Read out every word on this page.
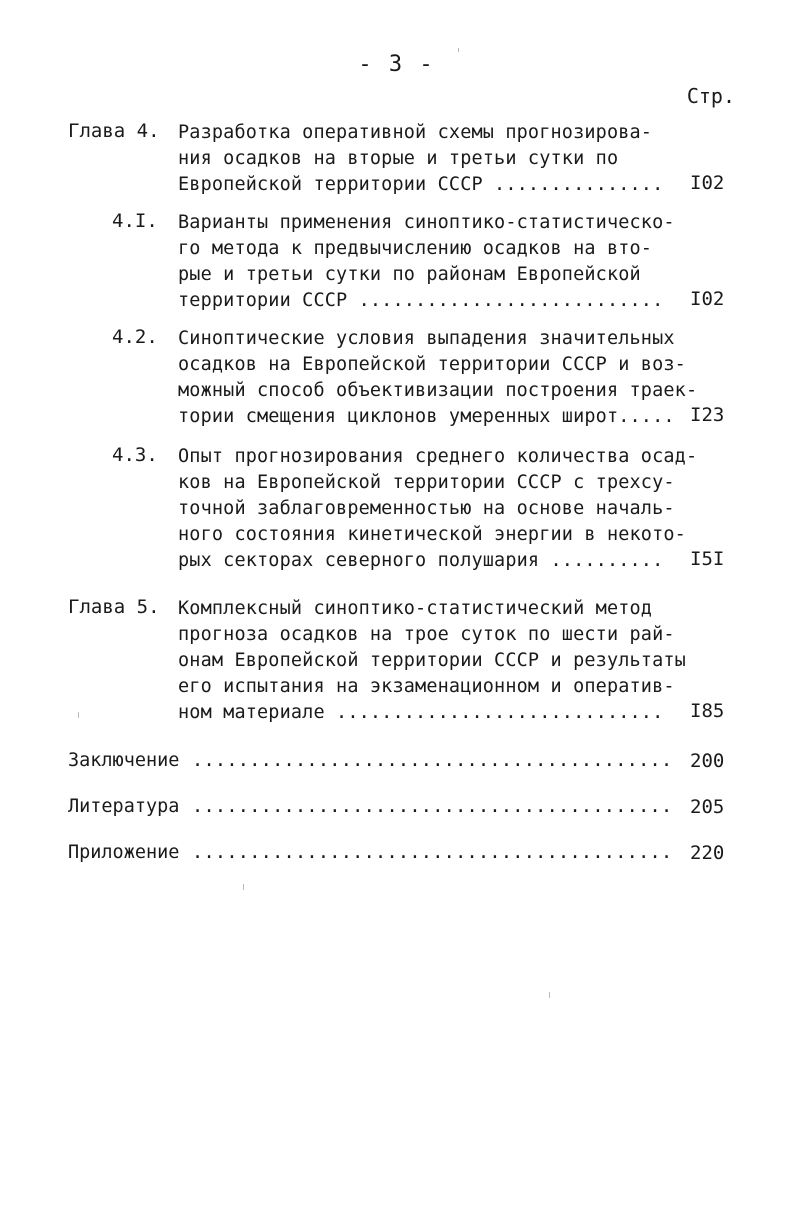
- 3 -
Стр.
Глава 4. Разработка оперативной схемы прогнозирова-
ния осадков на вторые и третьи сутки по
Европейской территории СССР ...............	I02
4.I. Варианты применения синоптико-статистическо-
го метода к предвычислению осадков на вто-
рые и третьи сутки по районам Европейской
территории СССР ...........................	I02
4.2. Синоптические условия выпадения значительных
осадков на Европейской территории СССР и воз-
можный способ объективизации построения траек-
тории смещения циклонов умеренных широт..... I23
4.3. Опыт прогнозирования среднего количества осад-
ков на Европейской территории СССР с трехсу-
точной заблаговременностью на основе началь-
ного состояния кинетической энергии в некото-
рых секторах северного полушария ..........	I5I
Глава 5. Комплексный синоптико-статистический метод
прогноза осадков на трое суток по шести рай-
онам Европейской территории СССР и результаты
его испытания на экзаменационном и оператив-
ном материале .............................	I85
Заключение .......................................... 200
Литература .......................................... 205
Приложение .......................................... 220
